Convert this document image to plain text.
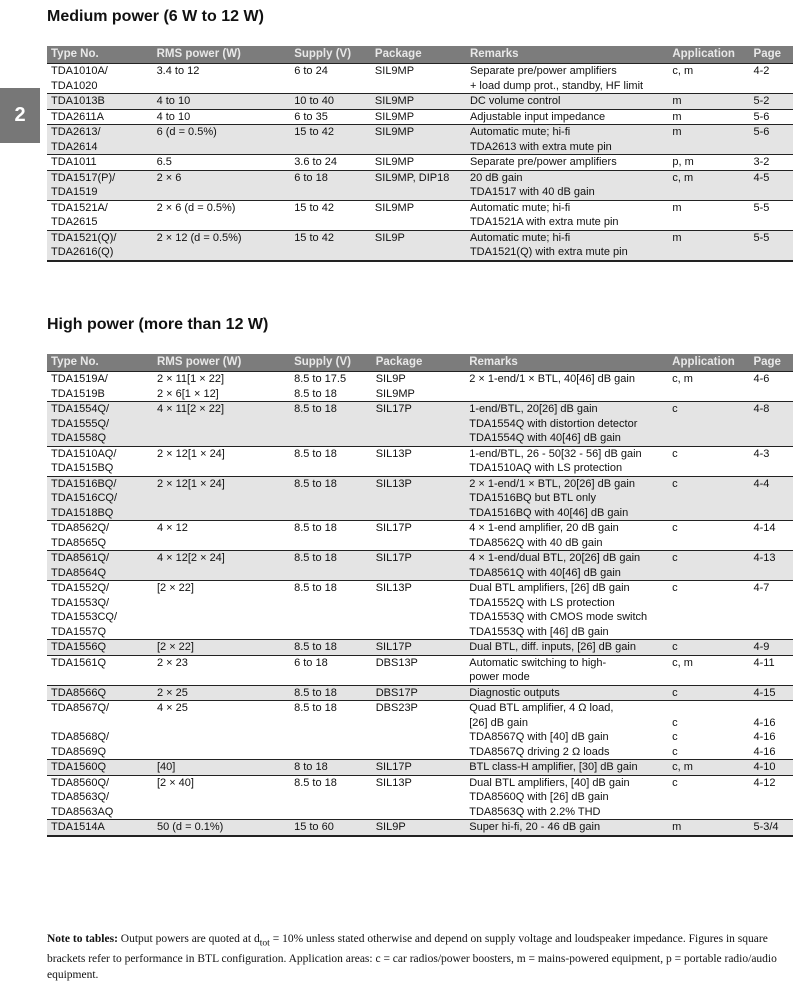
2
Medium power (6 W to 12 W)
Type No.	RMS power (W)	Supply (V)	Package	Remarks	Application	Page
TDA1010A/	3.4 to 12	6 to 24	SIL9MP	Separate pre/power amplifiers	c, m	4-2
TDA1020				+ load dump prot., standby, HF limit		
TDA1013B	4 to 10	10 to 40	SIL9MP	DC volume control	m	5-2
TDA2611A	4 to 10	6 to 35	SIL9MP	Adjustable input impedance	m	5-6
TDA2613/	6 (d = 0.5%)	15 to 42	SIL9MP	Automatic mute; hi-fi	m	5-6
TDA2614				TDA2613 with extra mute pin		
TDA1011	6.5	3.6 to 24	SIL9MP	Separate pre/power amplifiers	p, m	3-2
TDA1517(P)/	2 × 6	6 to 18	SIL9MP, DIP18	20 dB gain	c, m	4-5
TDA1519				TDA1517 with 40 dB gain		
TDA1521A/	2 × 6 (d = 0.5%)	15 to 42	SIL9MP	Automatic mute; hi-fi	m	5-5
TDA2615				TDA1521A with extra mute pin		
TDA1521(Q)/	2 × 12 (d = 0.5%)	15 to 42	SIL9P	Automatic mute; hi-fi	m	5-5
TDA2616(Q)				TDA1521(Q) with extra mute pin		
High power (more than 12 W)
Type No.	RMS power (W)	Supply (V)	Package	Remarks	Application	Page
TDA1519A/	2 × 11[1 × 22]	8.5 to 17.5	SIL9P	2 × 1-end/1 × BTL, 40[46] dB gain	c, m	4-6
TDA1519B	2 × 6[1 × 12]	8.5 to 18	SIL9MP			
TDA1554Q/	4 × 11[2 × 22]	8.5 to 18	SIL17P	1-end/BTL, 20[26] dB gain	c	4-8
TDA1555Q/				TDA1554Q with distortion detector		
TDA1558Q				TDA1554Q with 40[46] dB gain		
TDA1510AQ/	2 × 12[1 × 24]	8.5 to 18	SIL13P	1-end/BTL, 26 - 50[32 - 56] dB gain	c	4-3
TDA1515BQ				TDA1510AQ with LS protection		
TDA1516BQ/	2 × 12[1 × 24]	8.5 to 18	SIL13P	2 × 1-end/1 × BTL, 20[26] dB gain	c	4-4
TDA1516CQ/				TDA1516BQ but BTL only		
TDA1518BQ				TDA1516BQ with 40[46] dB gain		
TDA8562Q/	4 × 12	8.5 to 18	SIL17P	4 × 1-end amplifier, 20 dB gain	c	4-14
TDA8565Q				TDA8562Q with 40 dB gain		
TDA8561Q/	4 × 12[2 × 24]	8.5 to 18	SIL17P	4 × 1-end/dual BTL, 20[26] dB gain	c	4-13
TDA8564Q				TDA8561Q with 40[46] dB gain		
TDA1552Q/	[2 × 22]	8.5 to 18	SIL13P	Dual BTL amplifiers, [26] dB gain	c	4-7
TDA1553Q/				TDA1552Q with LS protection		
TDA1553CQ/				TDA1553Q with CMOS mode switch		
TDA1557Q				TDA1553Q with [46] dB gain		
TDA1556Q	[2 × 22]	8.5 to 18	SIL17P	Dual BTL, diff. inputs, [26] dB gain	c	4-9
TDA1561Q	2 × 23	6 to 18	DBS13P	Automatic switching to high-	c, m	4-11
				power mode		
TDA8566Q	2 × 25	8.5 to 18	DBS17P	Diagnostic outputs	c	4-15
TDA8567Q/	4 × 25	8.5 to 18	DBS23P	Quad BTL amplifier, 4 Ω load,		
				[26] dB gain	c	4-16
TDA8568Q/				TDA8567Q with [40] dB gain	c	4-16
TDA8569Q				TDA8567Q driving 2 Ω loads	c	4-16
TDA1560Q	[40]	8 to 18	SIL17P	BTL class-H amplifier, [30] dB gain	c, m	4-10
TDA8560Q/	[2 × 40]	8.5 to 18	SIL13P	Dual BTL amplifiers, [40] dB gain	c	4-12
TDA8563Q/				TDA8560Q with [26] dB gain		
TDA8563AQ				TDA8563Q with 2.2% THD		
TDA1514A	50 (d = 0.1%)	15 to 60	SIL9P	Super hi-fi, 20 - 46 dB gain	m	5-3/4

Note to tables: Output powers are quoted at $d_{tot} = 10\%$ unless stated otherwise and depend on supply voltage and loudspeaker impedance. Figures in square brackets refer to performance in BTL configuration. Application areas: c = car radios/power boosters, m = mains-powered equipment, p = portable radio/audio equipment.
